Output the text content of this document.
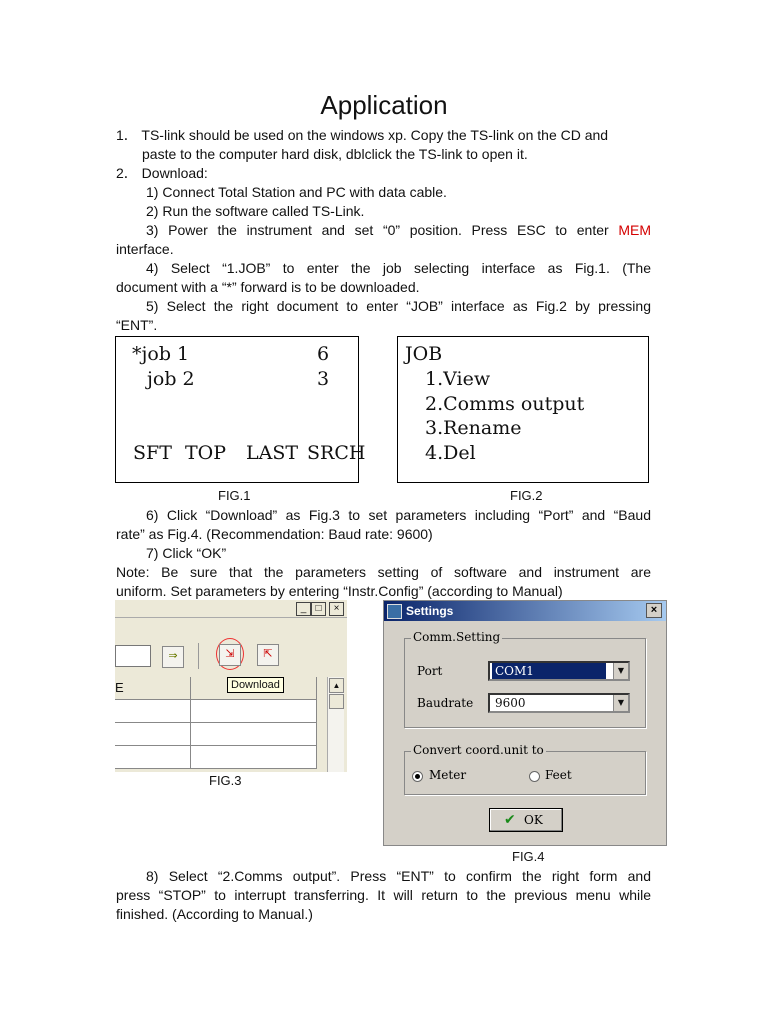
Application
1． TS-link should be used on the windows xp. Copy the TS-link on the CD and
paste to the computer hard disk, dblclick the TS-link to open it.
2． Download:
1) Connect Total Station and PC with data cable.
2) Run the software called TS-Link.
3) Power the instrument and set “0” position. Press ESC to enter MEM
interface.
4) Select “1.JOB” to enter the job selecting interface as Fig.1. (The
document with a “*” forward is to be downloaded.
5) Select the right document to enter “JOB” interface as Fig.2 by pressing
“ENT”.
*job 1	6
job 2	3
SFT TOP LAST SRCH
JOB
1.View
2.Comms output
3.Rename
4.Del
FIG.1	FIG.2
6) Click “Download” as Fig.3 to set parameters including “Port” and “Baud
rate” as Fig.4. (Recommendation: Baud rate: 9600)
7) Click “OK”
Note: Be sure that the parameters setting of software and instrument are
uniform. Set parameters by entering “Instr.Config” (according to Manual)
_ □	×
⇒	⇲	⇱
Download
E	▲
FIG.3
Settings	×
Comm.Setting
Port	COM1	▼
Baudrate 9600	▼
Convert coord.unit to
Meter	Feet
✔ OK
FIG.4
8) Select “2.Comms output”. Press “ENT” to confirm the right form and
press “STOP” to interrupt transferring. It will return to the previous menu while
finished. (According to Manual.)
